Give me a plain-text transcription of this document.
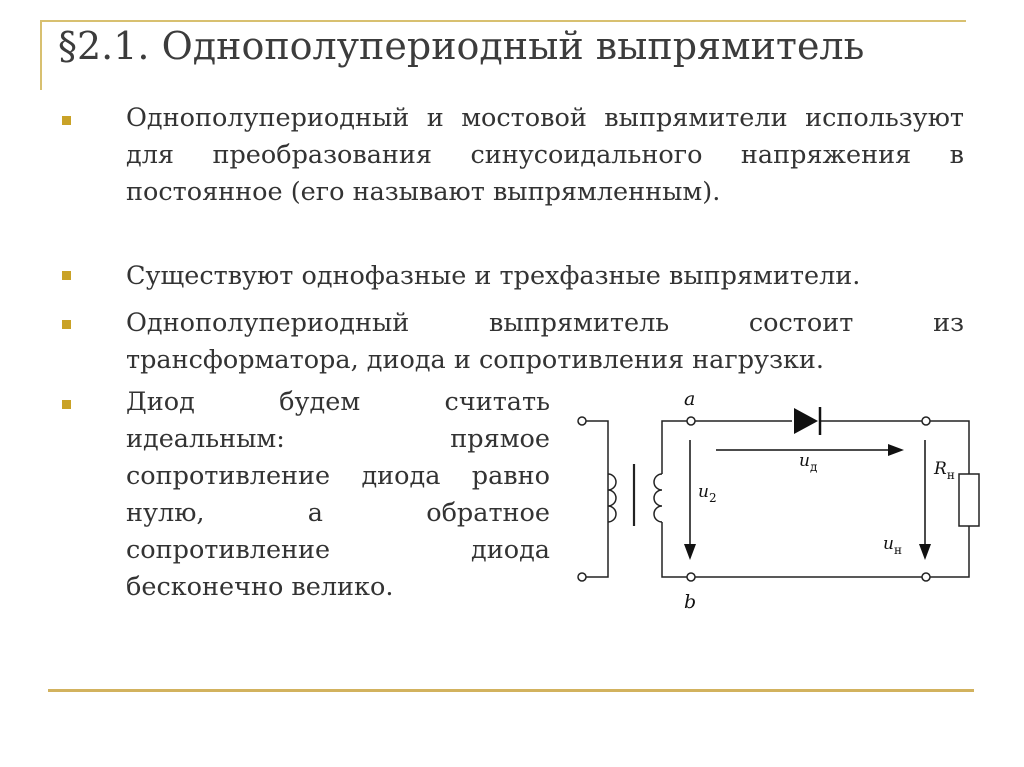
§2.1. Однополупериодный выпрямитель
Однополупериодный и мостовой выпрямители используют для преобразования синусоидального напряжения в постоянное (его называют выпрямленным).
Существуют однофазные и трехфазные выпрямители.
Однополупериодный выпрямитель состоит из трансформатора, диода и сопротивления нагрузки.
Диод будем считать идеальным: прямое сопротивление диода равно нулю, а обратное сопротивление диода бесконечно велико.
a
b
$u_2$
$u_д$
$u_н$
$R_н$
